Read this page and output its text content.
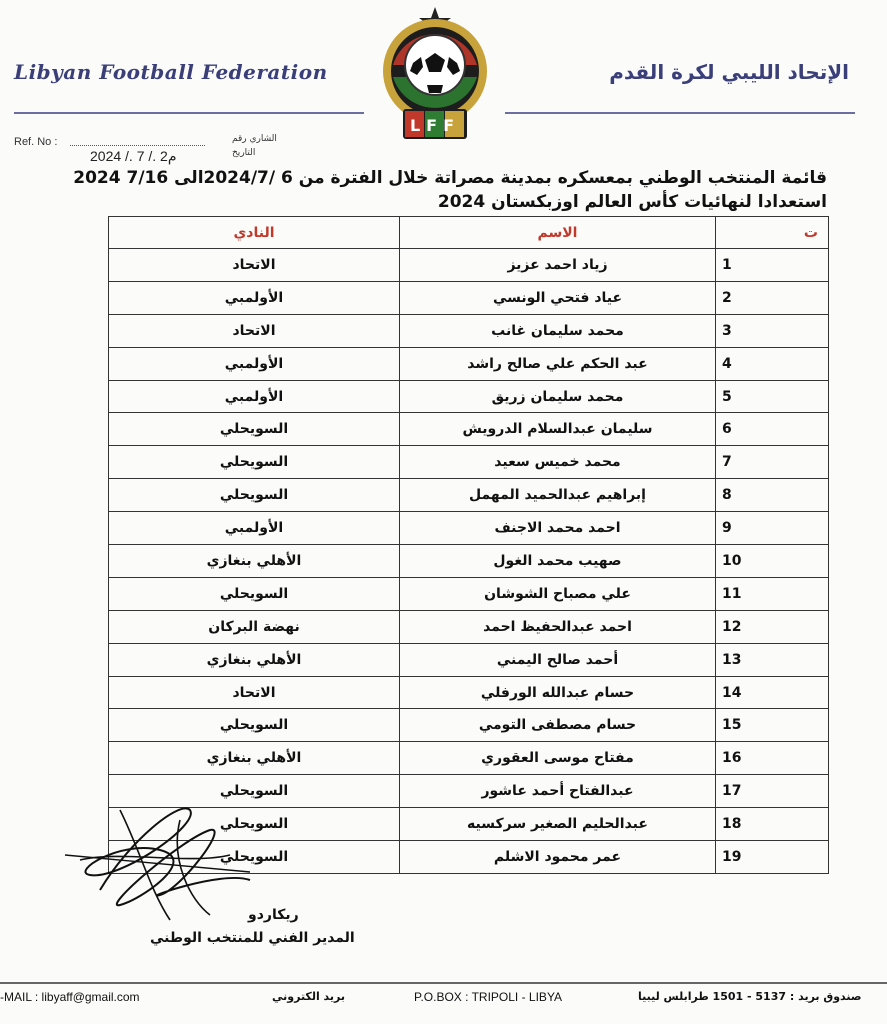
Libyan Football Federation	الإتحاد الليبي لكرة القدم
LFF
Ref. No :	الشاري رقم
التاريخ
2024 /. 7 /. 2م
قائمة المنتخب الوطني بمعسكره بمدينة مصراتة خلال الفترة من 6 /2024/7الى 7/16 2024
استعدادا لنهائيات كأس العالم اوزبكستان 2024
ت	الاسم	النادي
1	زياد احمد عزيز	الاتحاد
2	عياد فتحي الونسي	الأولمبي
3	محمد سليمان غانب	الاتحاد
4	عبد الحكم علي صالح راشد	الأولمبي
5	محمد سليمان زريق	الأولمبي
6	سليمان عبدالسلام الدرويش	السويحلي
7	محمد خميس سعيد	السويحلي
8	إبراهيم عبدالحميد المهمل	السويحلي
9	احمد محمد الاجنف	الأولمبي
10	صهيب محمد الغول	الأهلي بنغازي
11	علي مصباح الشوشان	السويحلي
12	احمد عبدالحفيظ احمد	نهضة البركان
13	أحمد صالح اليمني	الأهلي بنغازي
14	حسام عبدالله الورفلي	الاتحاد
15	حسام مصطفى التومي	السويحلي
16	مفتاح موسى العقوري	الأهلي بنغازي
17	عبدالفتاح أحمد عاشور	السويحلي
18	عبدالحليم الصغير سركسيه	السويحلي
19	عمر محمود الاشلم	السويحلي
ريكاردو
المدير الفني للمنتخب الوطني
-MAIL : libyaff@gmail.com	بريد الكتروني	P.O.BOX : TRIPOLI - LIBYA	صندوق بريد : 5137 - 1501 طرابلس ليبيا
